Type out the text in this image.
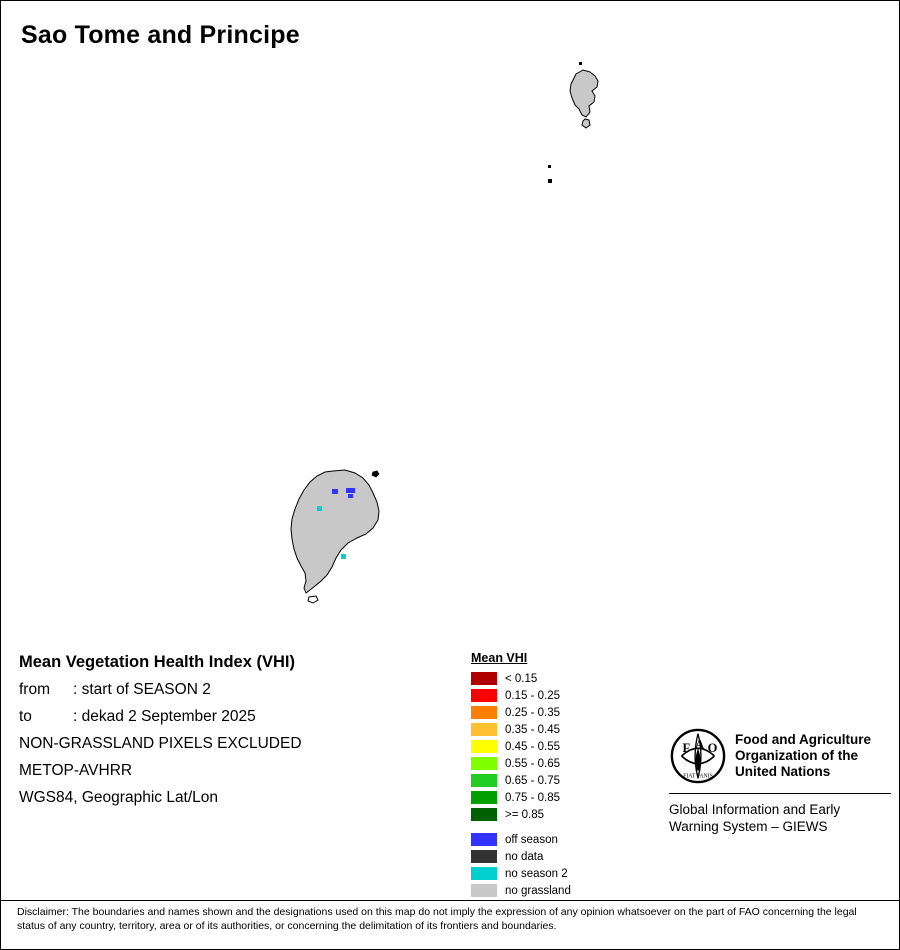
Sao Tome and Principe
Mean Vegetation Health Index (VHI)
from : start of SEASON 2
to	: dekad 2 September 2025
NON-GRASSLAND PIXELS EXCLUDED
METOP-AVHRR
WGS84, Geographic Lat/Lon
Mean VHI
< 0.15
0.15 - 0.25
0.25 - 0.35
0.35 - 0.45
0.45 - 0.55
0.55 - 0.65
0.65 - 0.75
0.75 - 0.85
>= 0.85
off season
no data
no season 2
no grassland
F A O
FIAT PANIS
Food and Agriculture
Organization of the
United Nations
Global Information and Early
Warning System – GIEWS
Disclaimer: The boundaries and names shown and the designations used on this map do not imply the expression of any opinion whatsoever on the part of FAO concerning the legal status of any country, territory, area or of its authorities, or concerning the delimitation of its frontiers and boundaries.
